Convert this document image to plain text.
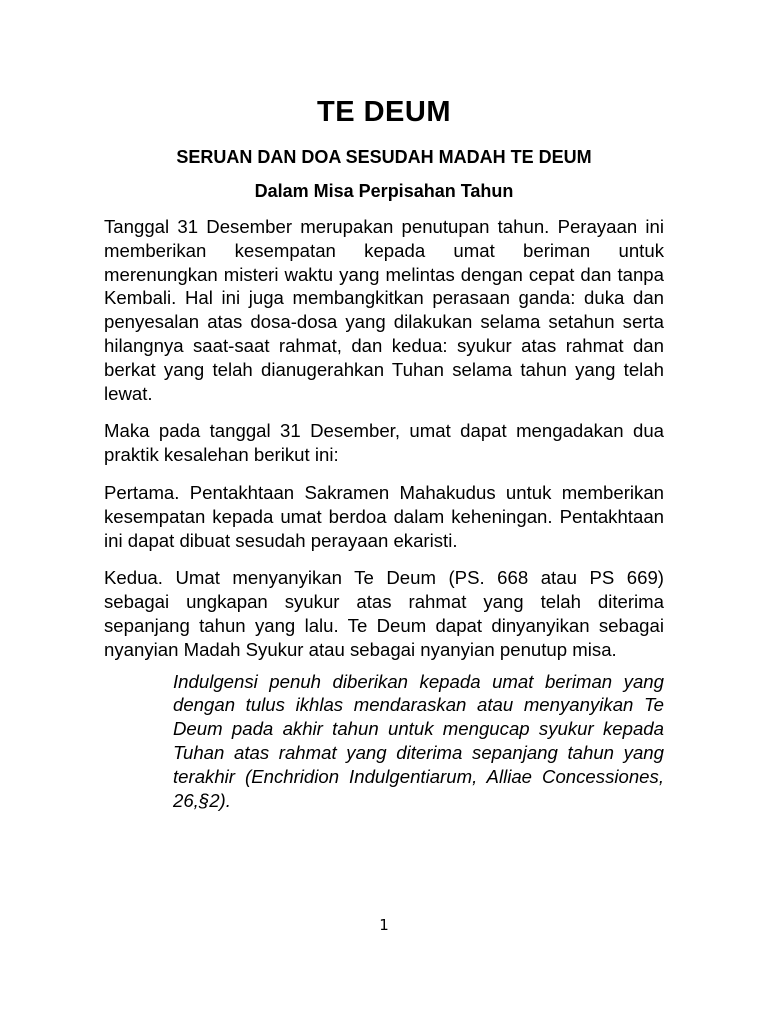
TE DEUM
SERUAN DAN DOA SESUDAH MADAH TE DEUM
Dalam Misa Perpisahan Tahun

Tanggal 31 Desember merupakan penutupan tahun. Perayaan ini memberikan kesempatan kepada umat beriman untuk merenungkan misteri waktu yang melintas dengan cepat dan tanpa Kembali. Hal ini juga membangkitkan perasaan ganda: duka dan penyesalan atas dosa-dosa yang dilakukan selama setahun serta hilangnya saat-saat rahmat, dan kedua: syukur atas rahmat dan berkat yang telah dianugerahkan Tuhan selama tahun yang telah lewat.

Maka pada tanggal 31 Desember, umat dapat mengadakan dua praktik kesalehan berikut ini:

Pertama. Pentakhtaan Sakramen Mahakudus untuk memberikan kesempatan kepada umat berdoa dalam keheningan. Pentakhtaan ini dapat dibuat sesudah perayaan ekaristi.

Kedua. Umat menyanyikan Te Deum (PS. 668 atau PS 669) sebagai ungkapan syukur atas rahmat yang telah diterima sepanjang tahun yang lalu. Te Deum dapat dinyanyikan sebagai nyanyian Madah Syukur atau sebagai nyanyian penutup misa.

Indulgensi penuh diberikan kepada umat beriman yang dengan tulus ikhlas mendaraskan atau menyanyikan Te Deum pada akhir tahun untuk mengucap syukur kepada Tuhan atas rahmat yang diterima sepanjang tahun yang terakhir (Enchridion Indulgentiarum, Alliae Concessiones, 26,§2).

1
